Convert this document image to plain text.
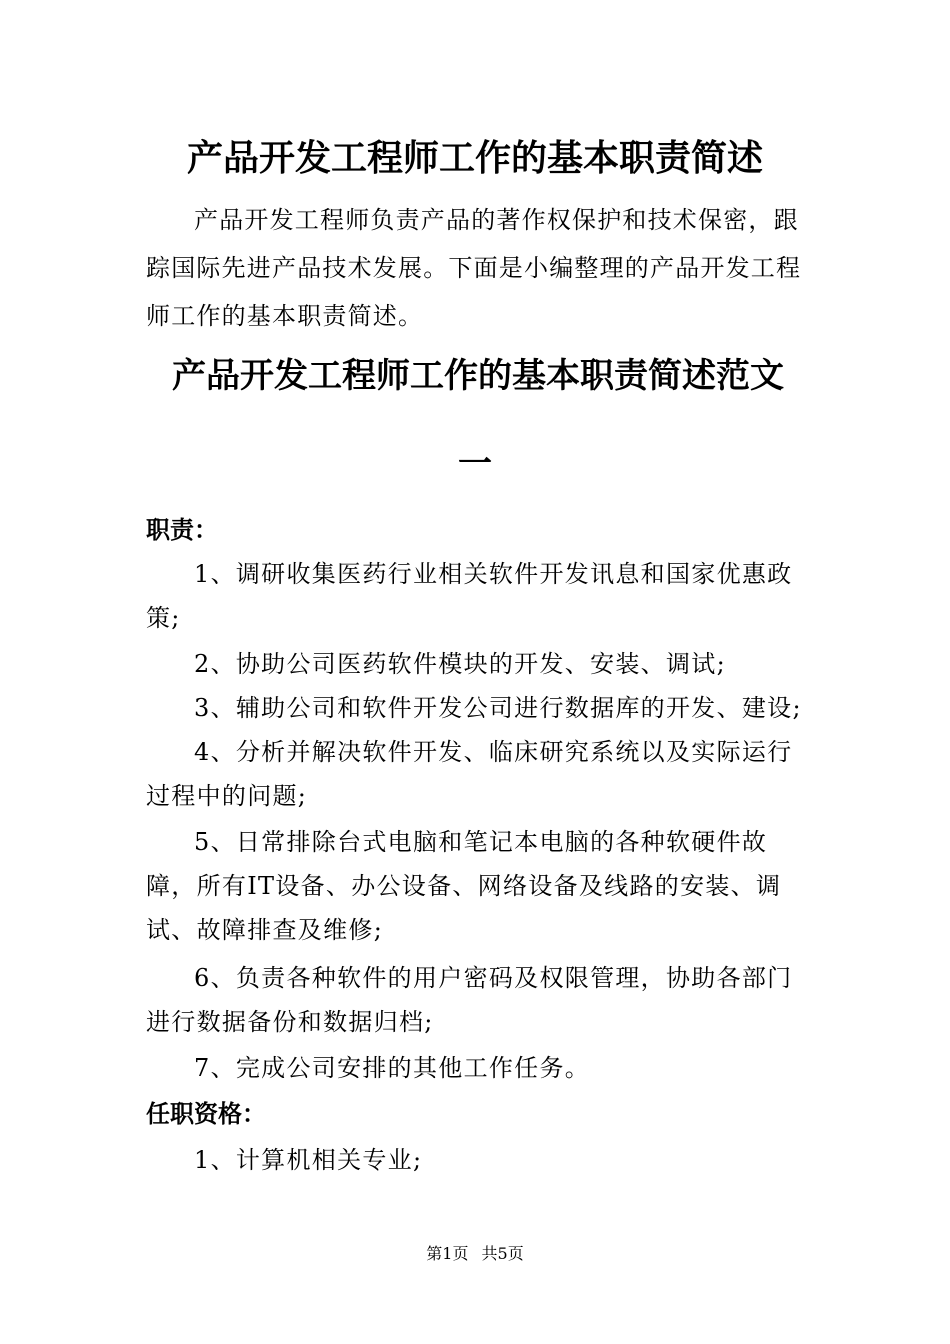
产品开发工程师工作的基本职责简述

产品开发工程师负责产品的著作权保护和技术保密，跟踪国际先进产品技术发展。下面是小编整理的产品开发工程师工作的基本职责简述。

产品开发工程师工作的基本职责简述范文
一
职责：

1、调研收集医药行业相关软件开发讯息和国家优惠政策;

2、协助公司医药软件模块的开发、安装、调试;

3、辅助公司和软件开发公司进行数据库的开发、建设;

4、分析并解决软件开发、临床研究系统以及实际运行过程中的问题;

5、日常排除台式电脑和笔记本电脑的各种软硬件故障，所有IT设备、办公设备、网络设备及线路的安装、调试、故障排查及维修;

6、负责各种软件的用户密码及权限管理，协助各部门进行数据备份和数据归档;

7、完成公司安排的其他工作任务。

任职资格：

1、计算机相关专业;

第1页 共5页
